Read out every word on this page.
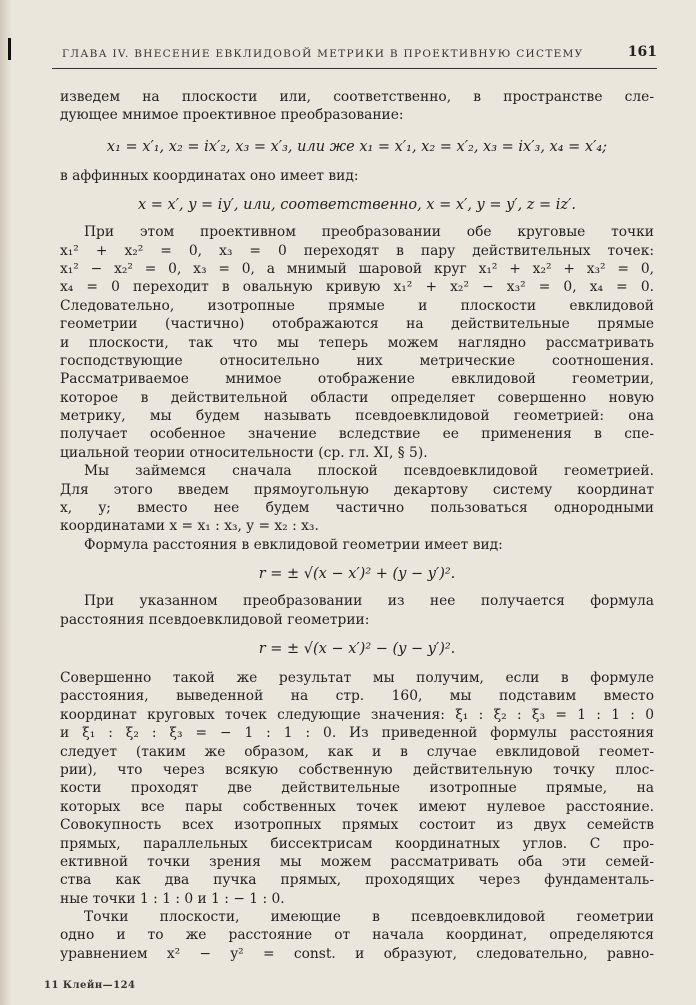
ГЛАВА IV. ВНЕСЕНИЕ ЕВКЛИДОВОЙ МЕТРИКИ В ПРОЕКТИВНУЮ СИСТЕМУ	161
изведем на плоскости или, соответственно, в пространстве сле-
дующее мнимое проективное преобразование:
x₁ = x′₁, x₂ = ix′₂, x₃ = x′₃, или же x₁ = x′₁, x₂ = x′₂, x₃ = ix′₃, x₄ = x′₄;
в аффинных координатах оно имеет вид:
x = x′, y = iy′, или, соответственно, x = x′, y = y′, z = iz′.
При этом проективном преобразовании обе круговые точки
x₁² + x₂² = 0, x₃ = 0 переходят в пару действительных точек:
x₁² − x₂² = 0, x₃ = 0, а мнимый шаровой круг x₁² + x₂² + x₃² = 0,
x₄ = 0 переходит в овальную кривую x₁² + x₂² − x₃² = 0, x₄ = 0.
Следовательно, изотропные прямые и плоскости евклидовой
геометрии (частично) отображаются на действительные прямые
и плоскости, так что мы теперь можем наглядно рассматривать
господствующие относительно них метрические соотношения.
Рассматриваемое мнимое отображение евклидовой геометрии,
которое в действительной области определяет совершенно новую
метрику, мы будем называть псевдоевклидовой геометрией: она
получает особенное значение вследствие ее применения в спе-
циальной теории относительности (ср. гл. XI, § 5).
Мы займемся сначала плоской псевдоевклидовой геометрией.
Для этого введем прямоугольную декартову систему координат
x, y; вместо нее будем частично пользоваться однородными
координатами x = x₁ : x₃, y = x₂ : x₃.
Формула расстояния в евклидовой геометрии имеет вид:
r = ± √(x − x′)² + (y − y′)².
При указанном преобразовании из нее получается формула
расстояния псевдоевклидовой геометрии:
r = ± √(x − x′)² − (y − y′)².
Совершенно такой же результат мы получим, если в формуле
расстояния, выведенной на стр. 160, мы подставим вместо
координат круговых точек следующие значения: ξ₁ : ξ₂ : ξ₃ = 1 : 1 : 0
и ξ₁ : ξ₂ : ξ₃ = − 1 : 1 : 0. Из приведенной формулы расстояния
следует (таким же образом, как и в случае евклидовой геомет-
рии), что через всякую собственную действительную точку плос-
кости проходят две действительные изотропные прямые, на
которых все пары собственных точек имеют нулевое расстояние.
Совокупность всех изотропных прямых состоит из двух семейств
прямых, параллельных биссектрисам координатных углов. С про-
ективной точки зрения мы можем рассматривать оба эти семей-
ства как два пучка прямых, проходящих через фундаменталь-
ные точки 1 : 1 : 0 и 1 : − 1 : 0.
Точки плоскости, имеющие в псевдоевклидовой геометрии
одно и то же расстояние от начала координат, определяются
уравнением x² − y² = const. и образуют, следовательно, равно-
11 Клейн—124
